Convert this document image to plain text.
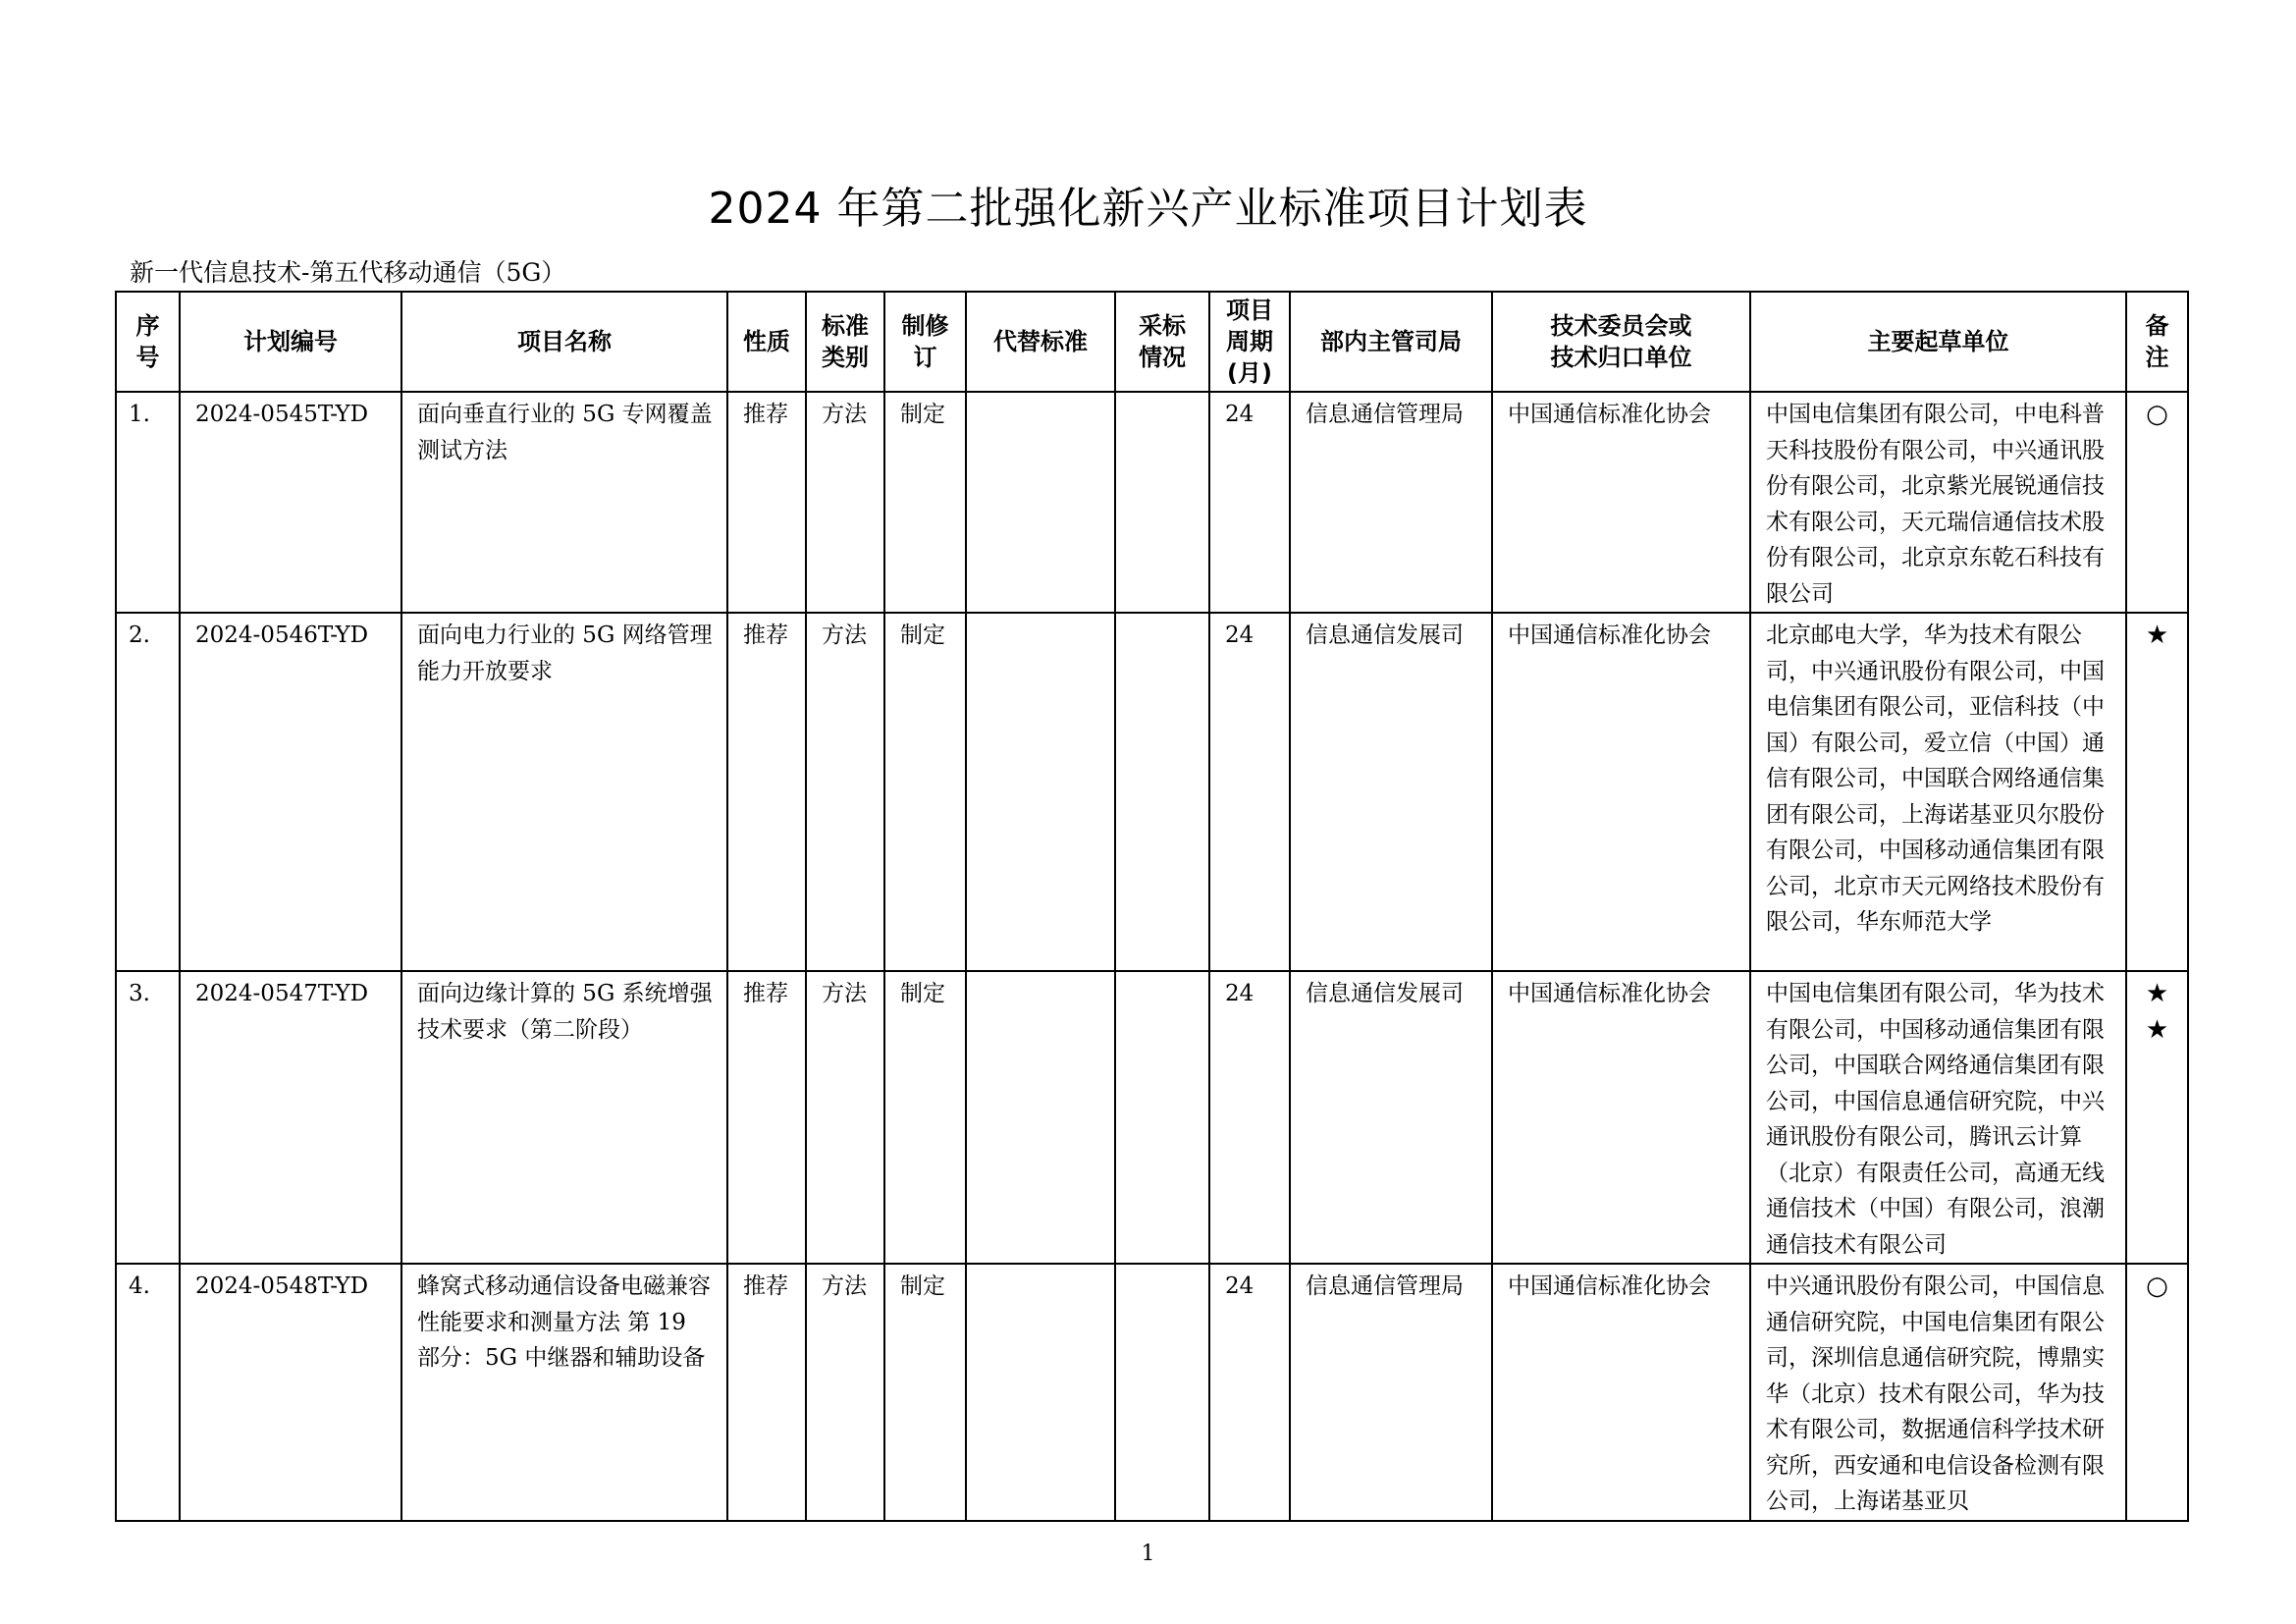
2024 年第二批强化新兴产业标准项目计划表
新一代信息技术-第五代移动通信（5G）
序
号	计划编号	项目名称	性质	标准
类别	制修
订	代替标准	采标
情况	项目
周期
(月)	部内主管司局	技术委员会或
技术归口单位	主要起草单位	备
注
1.	2024-0545T-YD	面向垂直行业的 5G 专网覆盖测试方法	推荐	方法	制定			24	信息通信管理局	中国通信标准化协会	中国电信集团有限公司，中电科普天科技股份有限公司，中兴通讯股份有限公司，北京紫光展锐通信技术有限公司，天元瑞信通信技术股份有限公司，北京京东乾石科技有限公司	○
2.	2024-0546T-YD	面向电力行业的 5G 网络管理能力开放要求	推荐	方法	制定			24	信息通信发展司	中国通信标准化协会	北京邮电大学，华为技术有限公司，中兴通讯股份有限公司，中国电信集团有限公司，亚信科技（中国）有限公司，爱立信（中国）通信有限公司，中国联合网络通信集团有限公司，上海诺基亚贝尔股份有限公司，中国移动通信集团有限公司，北京市天元网络技术股份有限公司，华东师范大学	★
3.	2024-0547T-YD	面向边缘计算的 5G 系统增强技术要求（第二阶段）	推荐	方法	制定			24	信息通信发展司	中国通信标准化协会	中国电信集团有限公司，华为技术有限公司，中国移动通信集团有限公司，中国联合网络通信集团有限公司，中国信息通信研究院，中兴通讯股份有限公司，腾讯云计算（北京）有限责任公司，高通无线通信技术（中国）有限公司，浪潮通信技术有限公司	★
★
4.	2024-0548T-YD	蜂窝式移动通信设备电磁兼容性能要求和测量方法 第 19 部分：5G 中继器和辅助设备	推荐	方法	制定			24	信息通信管理局	中国通信标准化协会	中兴通讯股份有限公司，中国信息通信研究院，中国电信集团有限公司，深圳信息通信研究院，博鼎实华（北京）技术有限公司，华为技术有限公司，数据通信科学技术研究所，西安通和电信设备检测有限公司，上海诺基亚贝	○
1
